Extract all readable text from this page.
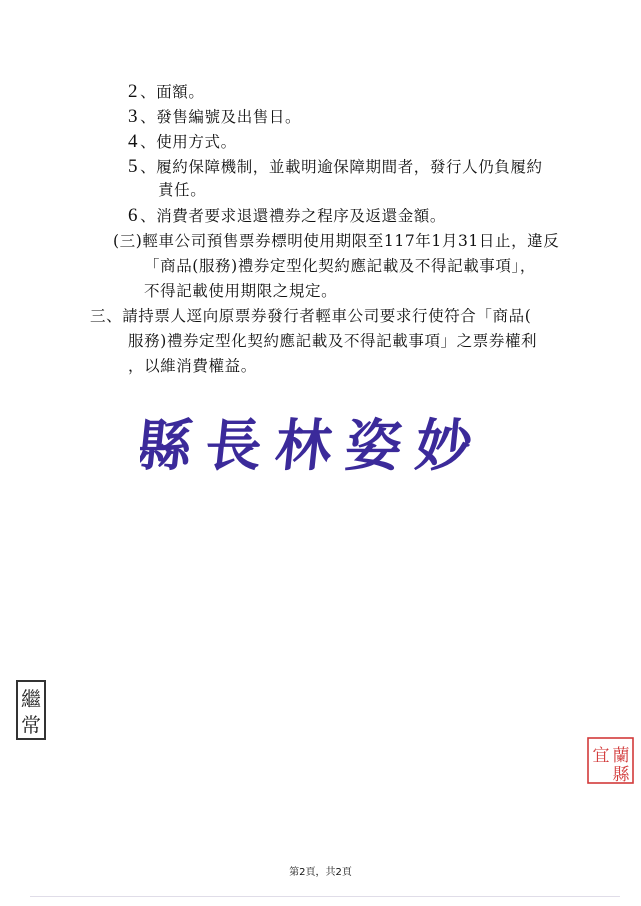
2 、面額。
3 、發售編號及出售日。
4 、使用方式。
5 、履約保障機制，並載明逾保障期間者，發行人仍負履約
責任。
6 、消費者要求退還禮券之程序及返還金額。
(三)輕車公司預售票券標明使用期限至117年1月31日止，違反
「商品(服務)禮券定型化契約應記載及不得記載事項」，
不得記載使用期限之規定。
三、請持票人逕向原票券發行者輕車公司要求行使符合「商品(
服務)禮券定型化契約應記載及不得記載事項」之票券權利
，以維消費權益。
縣長林姿妙
繼
常
宜 蘭
縣
第2頁，共2頁
